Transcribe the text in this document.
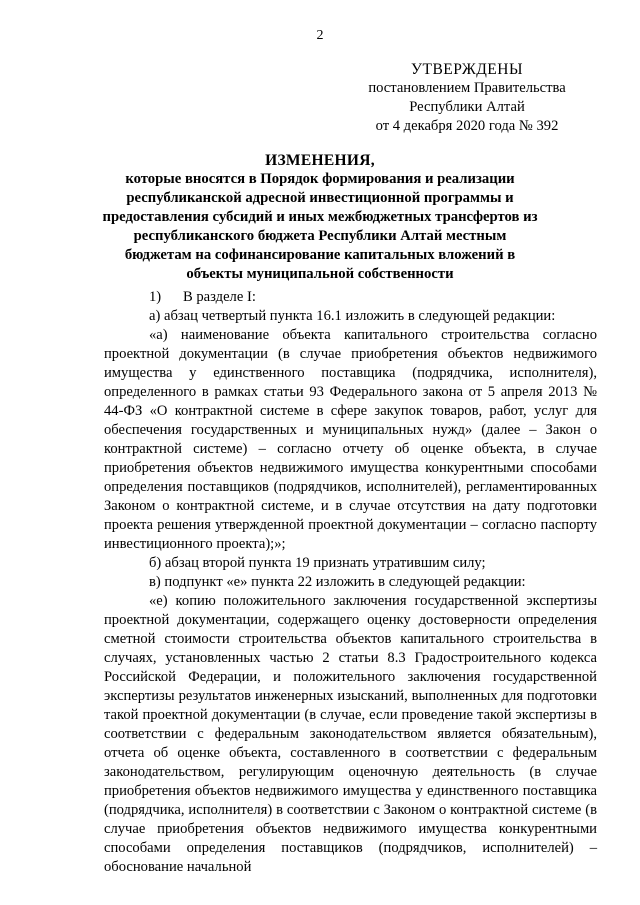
2
УТВЕРЖДЕНЫ
постановлением Правительства
Республики Алтай
от 4 декабря 2020 года № 392
ИЗМЕНЕНИЯ,
которые вносятся в Порядок формирования и реализации республиканской адресной инвестиционной программы и предоставления субсидий и иных межбюджетных трансфертов из республиканского бюджета Республики Алтай местным бюджетам на софинансирование капитальных вложений в объекты муниципальной собственности

1) В разделе I:

а) абзац четвертый пункта 16.1 изложить в следующей редакции:

«а) наименование объекта капитального строительства согласно проектной документации (в случае приобретения объектов недвижимого имущества у единственного поставщика (подрядчика, исполнителя), определенного в рамках статьи 93 Федерального закона от 5 апреля 2013 № 44-ФЗ «О контрактной системе в сфере закупок товаров, работ, услуг для обеспечения государственных и муниципальных нужд» (далее – Закон о контрактной системе) – согласно отчету об оценке объекта, в случае приобретения объектов недвижимого имущества конкурентными способами определения поставщиков (подрядчиков, исполнителей), регламентированных Законом о контрактной системе, и в случае отсутствия на дату подготовки проекта решения утвержденной проектной документации – согласно паспорту инвестиционного проекта);»;

б) абзац второй пункта 19 признать утратившим силу;

в) подпункт «е» пункта 22 изложить в следующей редакции:

«е) копию положительного заключения государственной экспертизы проектной документации, содержащего оценку достоверности определения сметной стоимости строительства объектов капитального строительства в случаях, установленных частью 2 статьи 8.3 Градостроительного кодекса Российской Федерации, и положительного заключения государственной экспертизы результатов инженерных изысканий, выполненных для подготовки такой проектной документации (в случае, если проведение такой экспертизы в соответствии с федеральным законодательством является обязательным), отчета об оценке объекта, составленного в соответствии с федеральным законодательством, регулирующим оценочную деятельность (в случае приобретения объектов недвижимого имущества у единственного поставщика (подрядчика, исполнителя) в соответствии с Законом о контрактной системе (в случае приобретения объектов недвижимого имущества конкурентными способами определения поставщиков (подрядчиков, исполнителей) – обоснование начальной
